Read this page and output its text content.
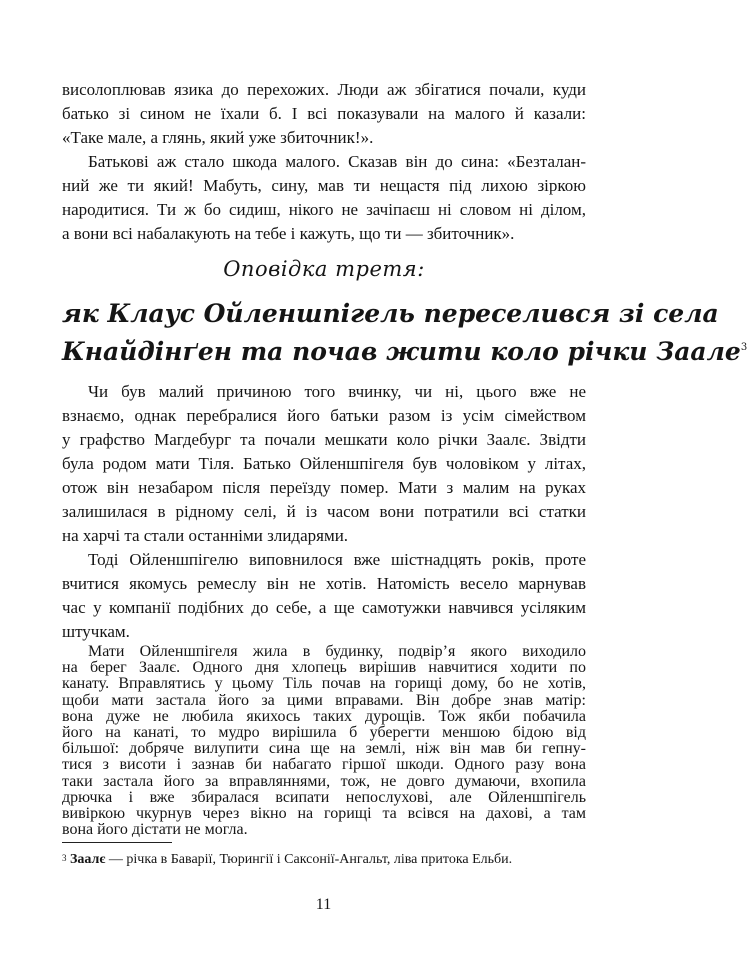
висолоплював язика до перехожих. Люди аж збігатися почали, куди
батько зі сином не їхали б. І всі показували на малого й казали:
«Таке мале, а глянь, який уже збиточник!».
Батькові аж стало шкода малого. Сказав він до сина: «Безталан-
ний же ти який! Мабуть, сину, мав ти нещастя під лихою зіркою
народитися. Ти ж бо сидиш, нікого не зачіпаєш ні словом ні ділом,
а вони всі набалакують на тебе і кажуть, що ти — збиточник».
Оповідка третя:
як Клаус Ойленшпігель переселився зі села
Кнайдінґен та почав жити коло річки Заале$^3$
Чи був малий причиною того вчинку, чи ні, цього вже не
взнаємо, однак перебралися його батьки разом із усім сімейством
у графство Магдебург та почали мешкати коло річки Заалє. Звідти
була родом мати Тіля. Батько Ойленшпігеля був чоловіком у літах,
отож він незабаром після переїзду помер. Мати з малим на руках
залишилася в рідному селі, й із часом вони потратили всі статки
на харчі та стали останніми злидарями.
Тоді Ойленшпігелю виповнилося вже шістнадцять років, проте
вчитися якомусь ремеслу він не хотів. Натомість весело марнував
час у компанії подібних до себе, а ще самотужки навчився усіляким
штучкам.
Мати Ойленшпігеля жила в будинку, подвір’я якого виходило
на берег Заалє. Одного дня хлопець вирішив навчитися ходити по
канату. Вправлятись у цьому Тіль почав на горищі дому, бо не хотів,
щоби мати застала його за цими вправами. Він добре знав матір:
вона дуже не любила якихось таких дурощів. Тож якби побачила
його на канаті, то мудро вирішила б уберегти меншою бідою від
більшої: добряче вилупити сина ще на землі, ніж він мав би гепну-
тися з висоти і зазнав би набагато гіршої шкоди. Одного разу вона
таки застала його за вправляннями, тож, не довго думаючи, вхопила
дрючка і вже збиралася всипати непослухові, але Ойленшпігель
вивіркою чкурнув через вікно на горищі та всівся на дахові, а там
вона його дістати не могла.
$^3$ Заалє — річка в Баварії, Тюрингії і Саксонії-Ангальт, ліва притока Ельби.
11
